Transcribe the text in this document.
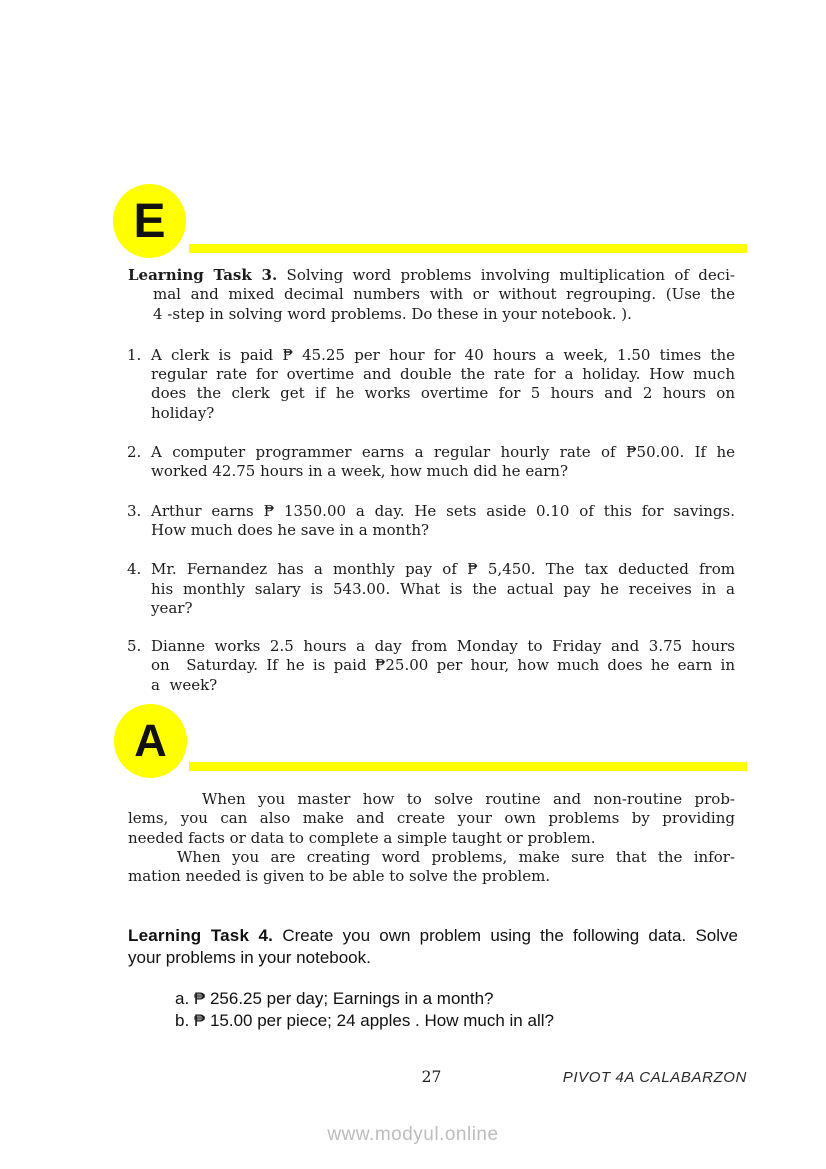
E
Learning Task 3. Solving word problems involving multiplication of deci-
mal and mixed decimal numbers with or without regrouping. (Use the
4 -step in solving word problems. Do these in your notebook. ).
1. A clerk is paid ₱ 45.25 per hour for 40 hours a week, 1.50 times the
regular rate for overtime and double the rate for a holiday. How much
does the clerk get if he works overtime for 5 hours and 2 hours on
holiday?
2. A computer programmer earns a regular hourly rate of ₱50.00. If he
worked 42.75 hours in a week, how much did he earn?
3. Arthur earns ₱ 1350.00 a day. He sets aside 0.10 of this for savings.
How much does he save in a month?
4. Mr. Fernandez has a monthly pay of ₱ 5,450. The tax deducted from
his monthly salary is 543.00. What is the actual pay he receives in a
year?
5. Dianne works 2.5 hours a day from Monday to Friday and 3.75 hours
on  Saturday. If he is paid ₱25.00 per hour, how much does he earn in
a  week?
A
When you master how to solve routine and non-routine prob-
lems, you can also make and create your own problems by providing
needed facts or data to complete a simple taught or problem.
When you are creating word problems, make sure that the infor-
mation needed is given to be able to solve the problem.
Learning Task 4. Create you own problem using the following data. Solve
your problems in your notebook.
a. ₱ 256.25 per day; Earnings in a month?
b. ₱ 15.00 per piece; 24 apples . How much in all?
27	PIVOT 4A CALABARZON
www.modyul.online
